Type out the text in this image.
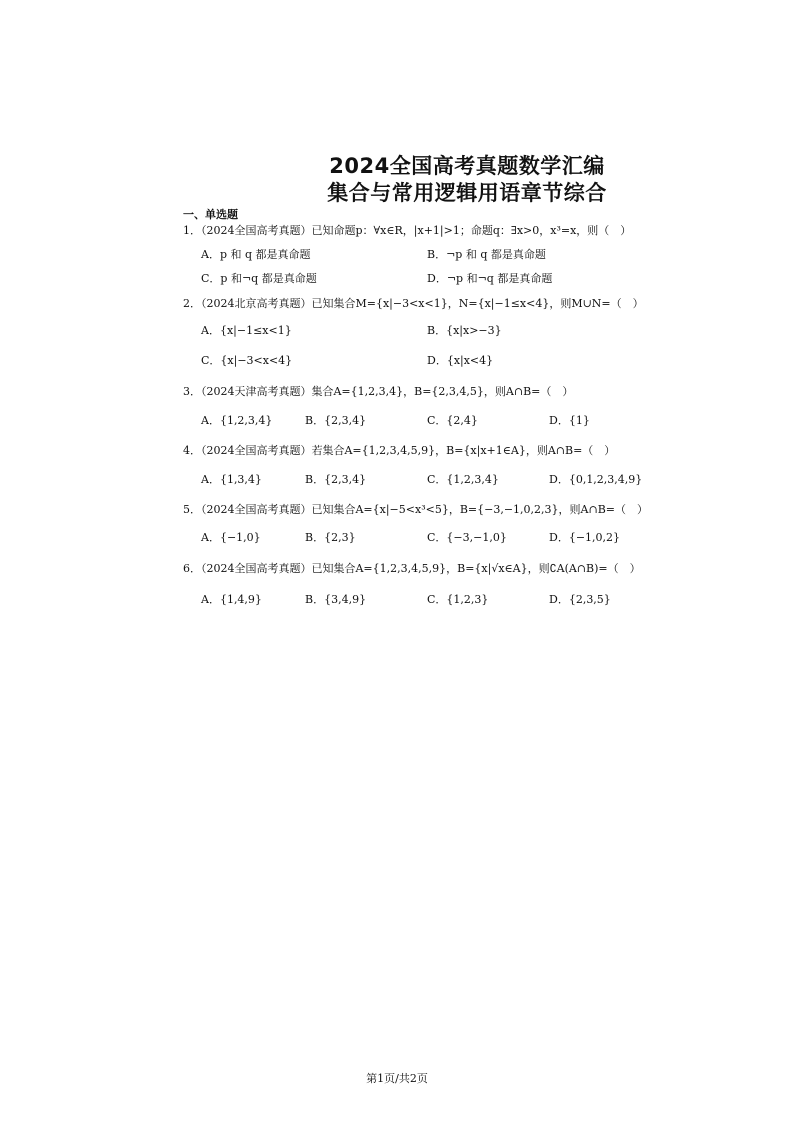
2024全国高考真题数学汇编
集合与常用逻辑用语章节综合
一、单选题
1．（2024全国高考真题）已知命题p：∀x∈R，|x+1|>1；命题q：∃x>0，x³=x，则（　）
A．p 和 q 都是真命题	B．¬p 和 q 都是真命题
C．p 和¬q 都是真命题	D．¬p 和¬q 都是真命题
2．（2024北京高考真题）已知集合M={x|−3<x<1}，N={x|−1≤x<4}，则M∪N=（　）
A．{x|−1≤x<1}	B．{x|x>−3}
C．{x|−3<x<4}	D．{x|x<4}
3．（2024天津高考真题）集合A={1,2,3,4}，B={2,3,4,5}，则A∩B=（　）
A．{1,2,3,4}	B．{2,3,4}	C．{2,4}	D．{1}
4．（2024全国高考真题）若集合A={1,2,3,4,5,9}，B={x|x+1∈A}，则A∩B=（　）
A．{1,3,4}	B．{2,3,4}	C．{1,2,3,4}	D．{0,1,2,3,4,9}
5．（2024全国高考真题）已知集合A={x|−5<x³<5}，B={−3,−1,0,2,3}，则A∩B=（　）
A．{−1,0}	B．{2,3}	C．{−3,−1,0}	D．{−1,0,2}
6．（2024全国高考真题）已知集合A={1,2,3,4,5,9}，B={x|√x∈A}，则∁A(A∩B)=（　）
A．{1,4,9}	B．{3,4,9}	C．{1,2,3}	D．{2,3,5}
第1页/共2页
